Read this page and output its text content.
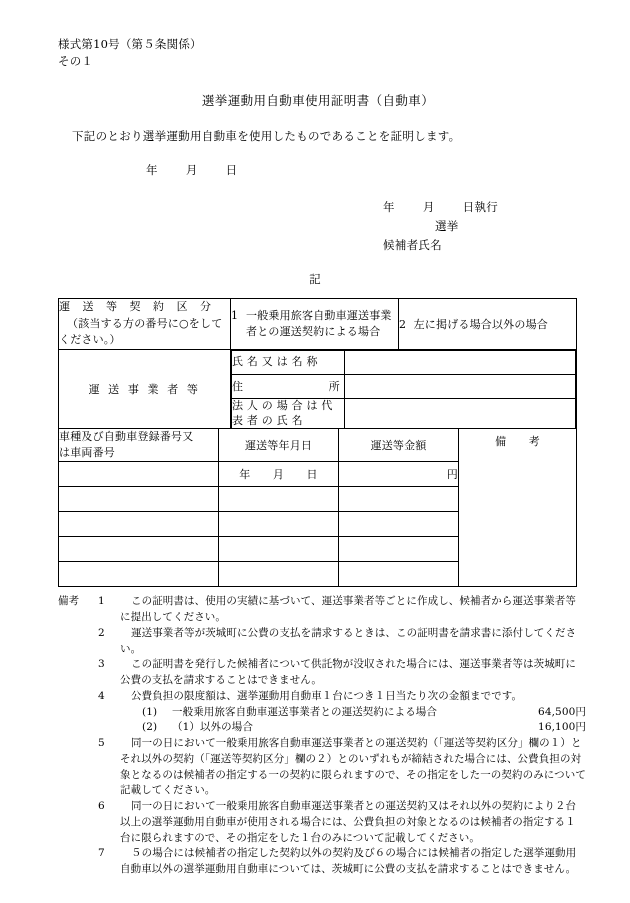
様式第10号（第５条関係）
その１
選挙運動用自動車使用証明書（自動車）
下記のとおり選挙運動用自動車を使用したものであることを証明します。
年 月 日
年 月 日執行選挙
候補者氏名
記
運 送 等 契 約 区 分
（該当する方の番号に○をして
ください。）

1 一般乗用旅客自動車運送事業者との運送契約による場合
	2 左に掲げる場合以外の場合
運 送 事 業 者 等	
氏 名 又 は 名 称	

住	所

法 人 の 場 合 は 代
表 者 の 氏 名

車種及び自動車登録番号又
は車両番号	運送等年月日	運送等金額	備　　考
	年　　月　　日	円	

備考	1	この証明書は、使用の実績に基づいて、運送事業者等ごとに作成し、候補者から運送事業者等に提出してください。
2	運送事業者等が茨城町に公費の支払を請求するときは、この証明書を請求書に添付してください。
3	この証明書を発行した候補者について供託物が没収された場合には、運送事業者等は茨城町に公費の支払を請求することはできません。
4	公費負担の限度額は、選挙運動用自動車１台につき１日当たり次の金額までです。
(1)	一般乗用旅客自動車運送事業者との運送契約による場合	64,500円
(2)	（1）以外の場合	16,100円
5	同一の日において一般乗用旅客自動車運送事業者との運送契約（「運送等契約区分」欄の１）とそれ以外の契約（「運送等契約区分」欄の２）とのいずれもが締結された場合には、公費負担の対象となるのは候補者の指定する一の契約に限られますので、その指定をした一の契約のみについて記載してください。
6	同一の日において一般乗用旅客自動車運送事業者との運送契約又はそれ以外の契約により２台以上の選挙運動用自動車が使用される場合には、公費負担の対象となるのは候補者の指定する１台に限られますので、その指定をした１台のみについて記載してください。
7	５の場合には候補者の指定した契約以外の契約及び６の場合には候補者の指定した選挙運動用自動車以外の選挙運動用自動車については、茨城町に公費の支払を請求することはできません。
